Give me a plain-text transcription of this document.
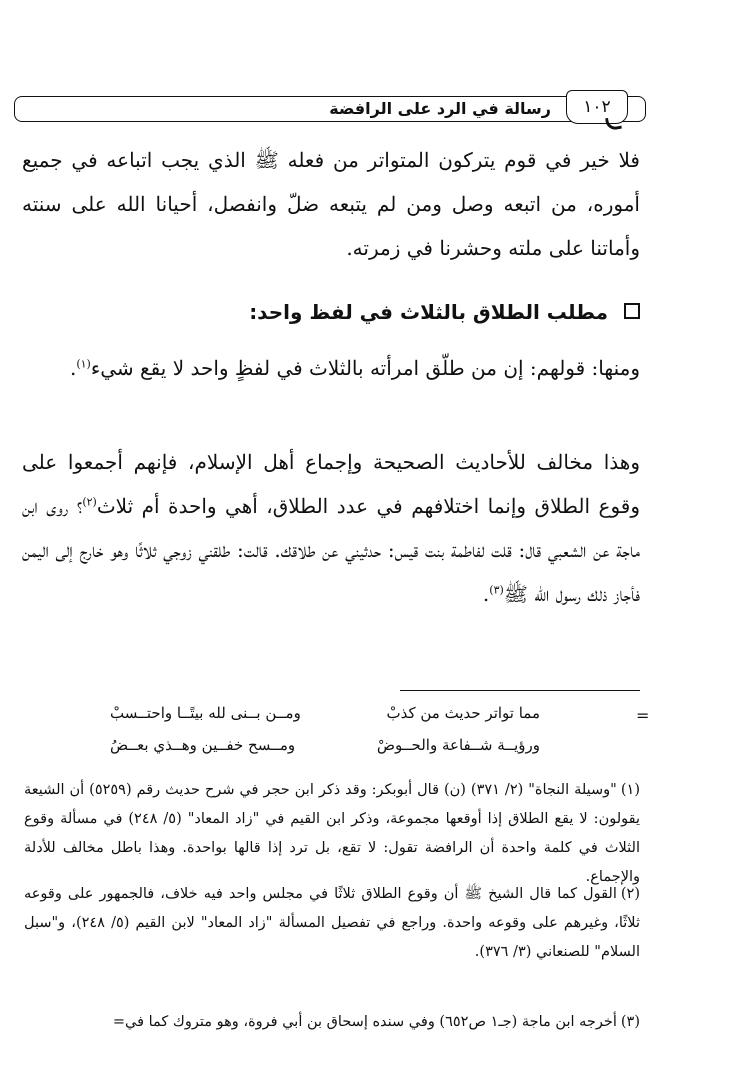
رسالة في الرد على الرافضة	١٠٢
فلا خير في قوم يتركون المتواتر من فعله ﷺ الذي يجب اتباعه في جميع أموره، من اتبعه وصل ومن لم يتبعه ضلّ وانفصل، أحيانا الله على سنته وأماتنا على ملته وحشرنا في زمرته.
مطلب الطلاق بالثلاث في لفظ واحد:
ومنها: قولهم: إن من طلّق امرأته بالثلاث في لفظٍ واحد لا يقع شيء$^{(١)}$.
وهذا مخالف للأحاديث الصحيحة وإجماع أهل الإسلام، فإنهم أجمعوا على وقوع الطلاق وإنما اختلافهم في عدد الطلاق، أهي واحدة أم ثلاث$^{(٢)}$؟ روى ابن ماجة عن الشعبي قال: قلت لفاطمة بنت قيس: حدثيني عن طلاقك. قالت: طلقني زوجي ثلاثًا وهو خارج إلى اليمن فأجاز ذلك رسول الله ﷺ$^{(٣)}$.
=
مما تواتر حديث من كذبْ
ومــن بــنى لله بيتًــا واحتــسبْ
ورؤيــة شــفاعة والحــوضْ
ومــسح خفــين وهــذي بعــضُ
(١)"وسيلة النجاة" (٢/ ٣٧١) (ن) قال أبوبكر: وقد ذكر ابن حجر في شرح حديث رقم (٥٢٥٩) أن الشيعة يقولون: لا يقع الطلاق إذا أوقعها مجموعة، وذكر ابن القيم في "زاد المعاد" (٥/ ٢٤٨) في مسألة وقوع الثلاث في كلمة واحدة أن الرافضة تقول: لا تقع، بل ترد إذا قالها بواحدة. وهذا باطل مخالف للأدلة والإجماع.
(٢)القول كما قال الشيخ ﷺ أن وقوع الطلاق ثلاثًا في مجلس واحد فيه خلاف، فالجمهور على وقوعه ثلاثًا، وغيرهم على وقوعه واحدة. وراجع في تفصيل المسألة "زاد المعاد" لابن القيم (٥/ ٢٤٨)، و"سبل السلام" للصنعاني (٣/ ٣٧٦).
(٣)أخرجه ابن ماجة (جـ١ ص٦٥٢) وفي سنده إسحاق بن أبي فروة، وهو متروك كما في=
